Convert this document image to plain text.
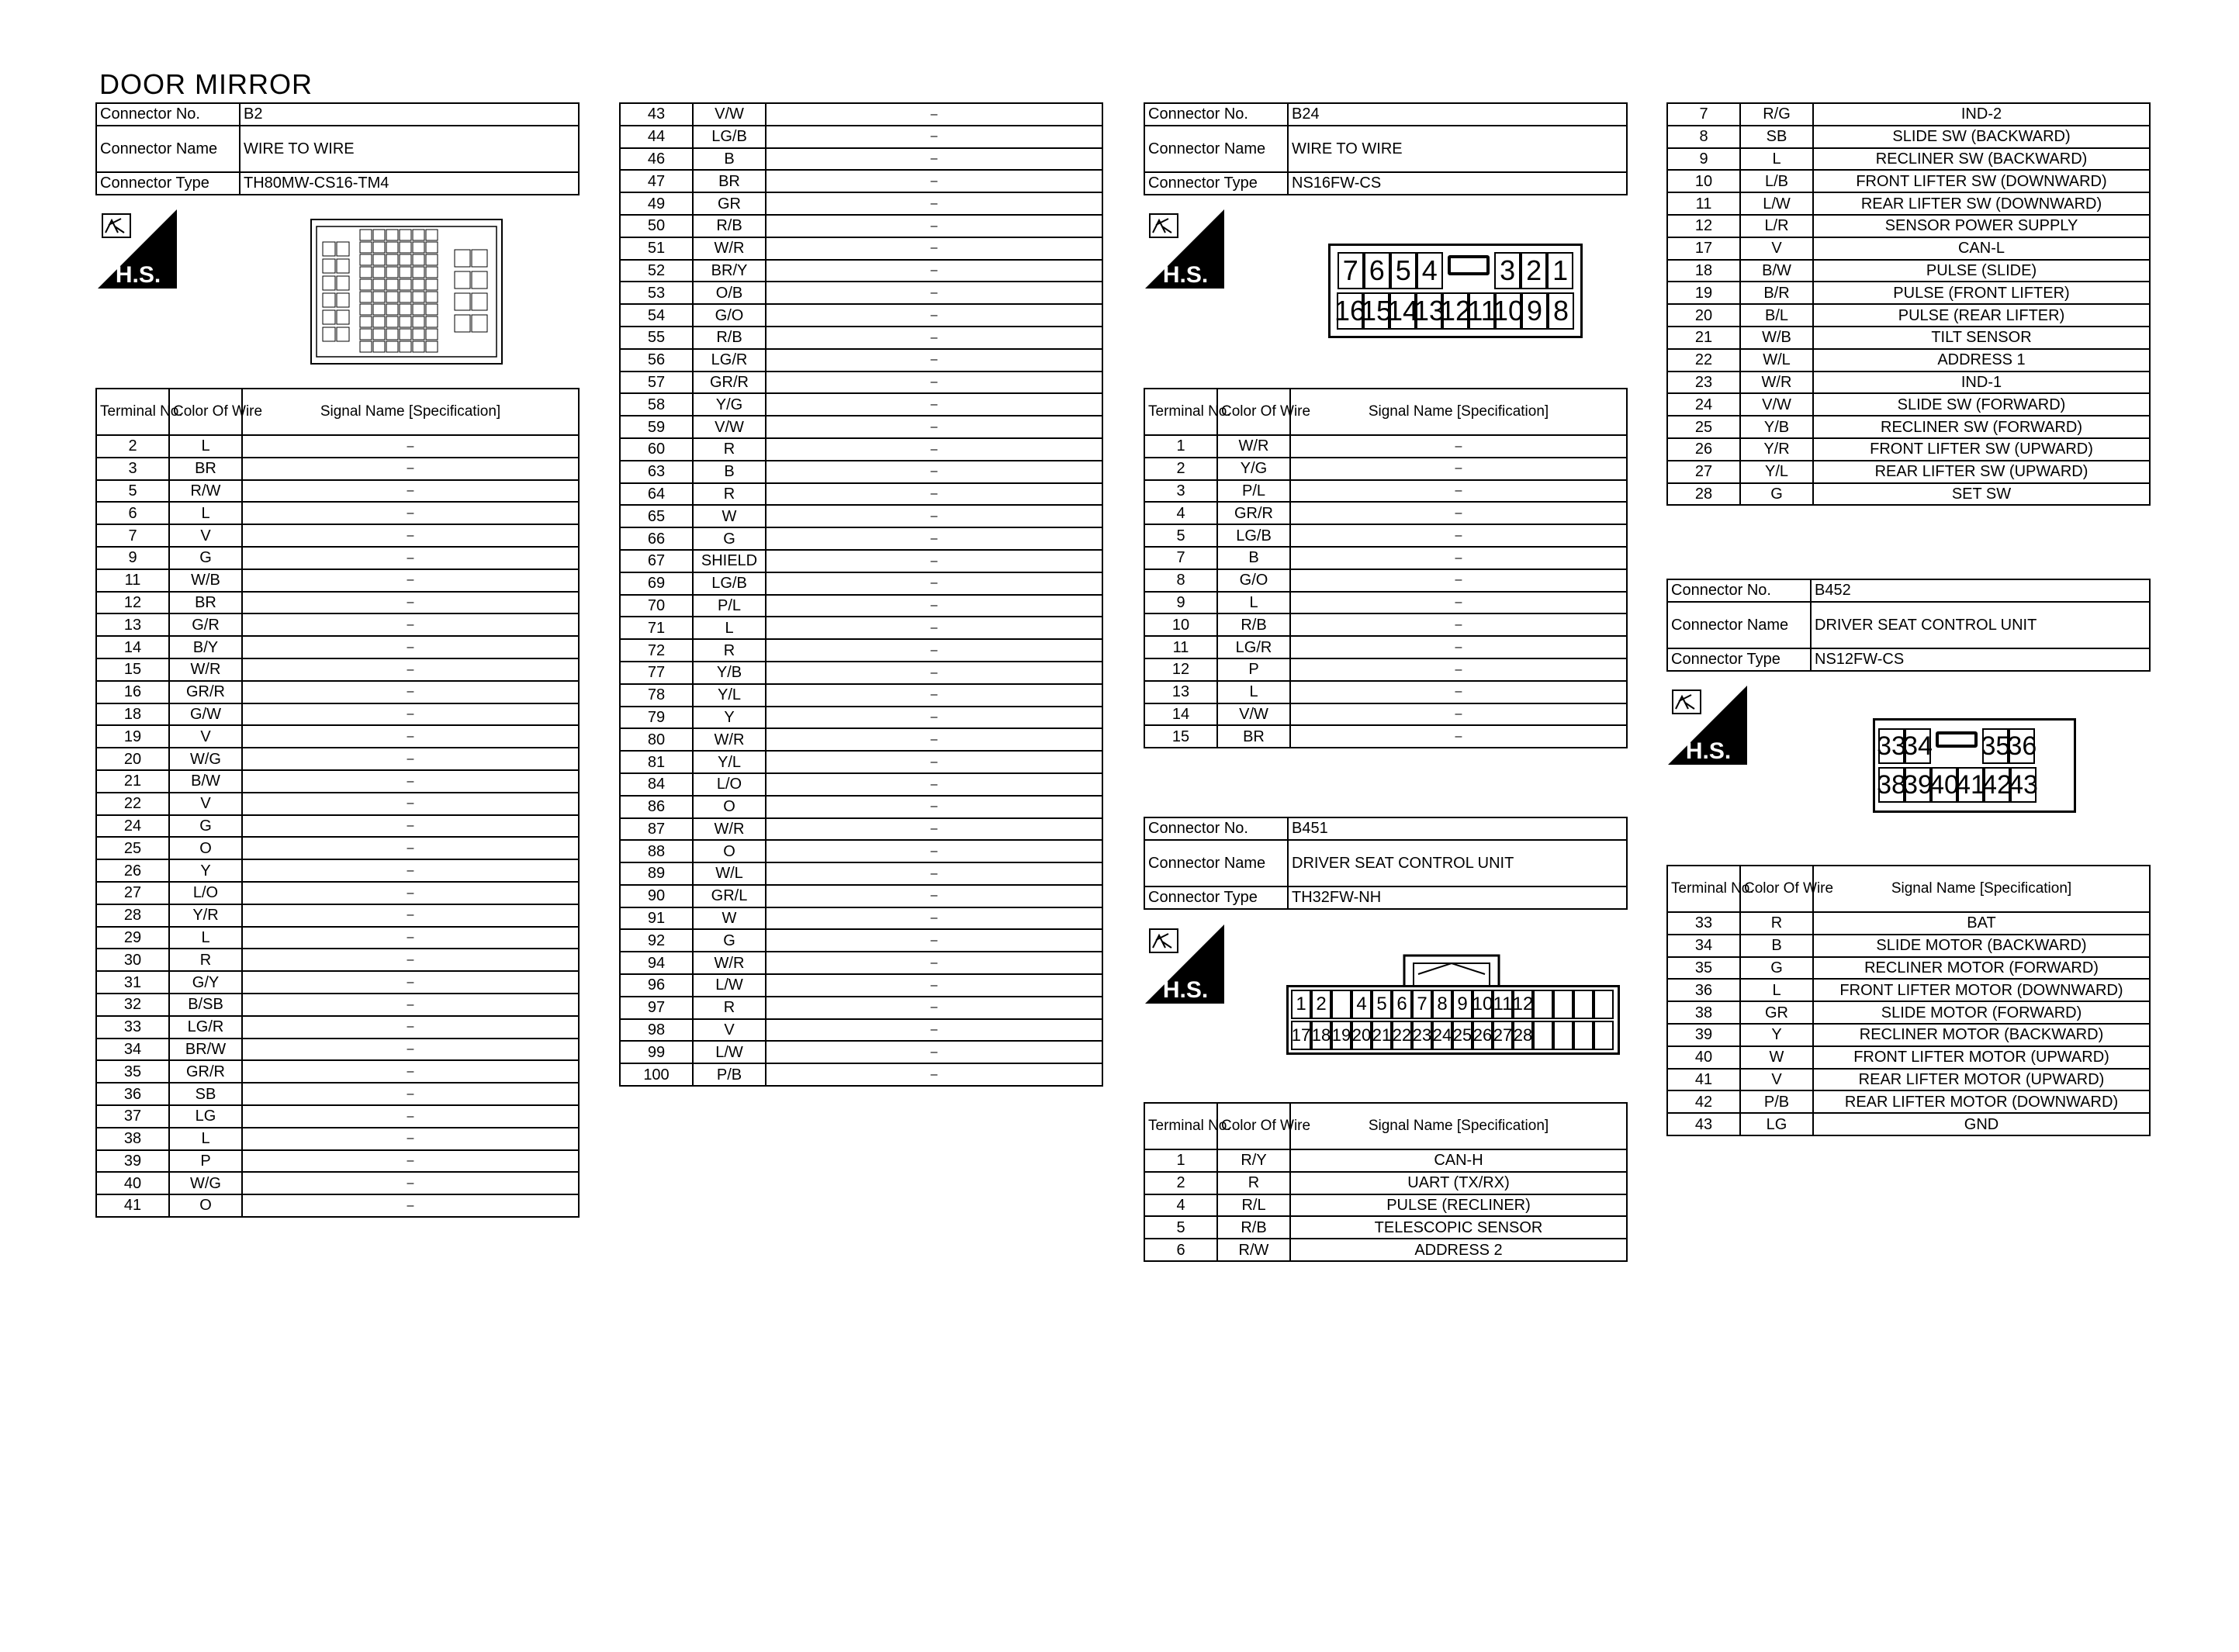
DOOR MIRROR
Connector No.	B2
Connector Name	WIRE TO WIRE
Connector Type	TH80MW-CS16-TM4
H.S.
Terminal No.	Color Of Wire	Signal Name [Specification]
2	L	–
3	BR	–
5	R/W	–
6	L	–
7	V	–
9	G	–
11	W/B	–
12	BR	–
13	G/R	–
14	B/Y	–
15	W/R	–
16	GR/R	–
18	G/W	–
19	V	–
20	W/G	–
21	B/W	–
22	V	–
24	G	–
25	O	–
26	Y	–
27	L/O	–
28	Y/R	–
29	L	–
30	R	–
31	G/Y	–
32	B/SB	–
33	LG/R	–
34	BR/W	–
35	GR/R	–
36	SB	–
37	LG	–
38	L	–
39	P	–
40	W/G	–
41	O	–
43	V/W	–
44	LG/B	–
46	B	–
47	BR	–
49	GR	–
50	R/B	–
51	W/R	–
52	BR/Y	–
53	O/B	–
54	G/O	–
55	R/B	–
56	LG/R	–
57	GR/R	–
58	Y/G	–
59	V/W	–
60	R	–
63	B	–
64	R	–
65	W	–
66	G	–
67	SHIELD	–
69	LG/B	–
70	P/L	–
71	L	–
72	R	–
77	Y/B	–
78	Y/L	–
79	Y	–
80	W/R	–
81	Y/L	–
84	L/O	–
86	O	–
87	W/R	–
88	O	–
89	W/L	–
90	GR/L	–
91	W	–
92	G	–
94	W/R	–
96	L/W	–
97	R	–
98	V	–
99	L/W	–
100	P/B	–
Connector No.	B24
Connector Name	WIRE TO WIRE
Connector Type	NS16FW-CS
H.S.	7 6 5 4 3 2 1
16
15
14
13
12
11
10 9 8
Terminal No.	Color Of Wire	Signal Name [Specification]
1	W/R	–
2	Y/G	–
3	P/L	–
4	GR/R	–
5	LG/B	–
7	B	–
8	G/O	–
9	L	–
10	R/B	–
11	LG/R	–
12	P	–
13	L	–
14	V/W	–
15	BR	–
Connector No.	B451
Connector Name	DRIVER SEAT CONTROL UNIT
Connector Type	TH32FW-NH
H.S.
1 2 4 5 6 7 8 9 10 11 12
17 18 19 20 21 22 23 24 25 26 27 28
Terminal No.	Color Of Wire	Signal Name [Specification]
1	R/Y	CAN-H
2	R	UART (TX/RX)
4	R/L	PULSE (RECLINER)
5	R/B	TELESCOPIC SENSOR
6	R/W	ADDRESS 2
7	R/G	IND-2
8	SB	SLIDE SW (BACKWARD)
9	L	RECLINER SW (BACKWARD)
10	L/B	FRONT LIFTER SW (DOWNWARD)
11	L/W	REAR LIFTER SW (DOWNWARD)
12	L/R	SENSOR POWER SUPPLY
17	V	CAN-L
18	B/W	PULSE (SLIDE)
19	B/R	PULSE (FRONT LIFTER)
20	B/L	PULSE (REAR LIFTER)
21	W/B	TILT SENSOR
22	W/L	ADDRESS 1
23	W/R	IND-1
24	V/W	SLIDE SW (FORWARD)
25	Y/B	RECLINER SW (FORWARD)
26	Y/R	FRONT LIFTER SW (UPWARD)
27	Y/L	REAR LIFTER SW (UPWARD)
28	G	SET SW
Connector No.	B452
Connector Name	DRIVER SEAT CONTROL UNIT
Connector Type	NS12FW-CS
H.S.	33
34 35
36
38
39
40
41
42
43
Terminal No.	Color Of Wire	Signal Name [Specification]
33	R	BAT
34	B	SLIDE MOTOR (BACKWARD)
35	G	RECLINER MOTOR (FORWARD)
36	L	FRONT LIFTER MOTOR (DOWNWARD)
38	GR	SLIDE MOTOR (FORWARD)
39	Y	RECLINER MOTOR (BACKWARD)
40	W	FRONT LIFTER MOTOR (UPWARD)
41	V	REAR LIFTER MOTOR (UPWARD)
42	P/B	REAR LIFTER MOTOR (DOWNWARD)
43	LG	GND
